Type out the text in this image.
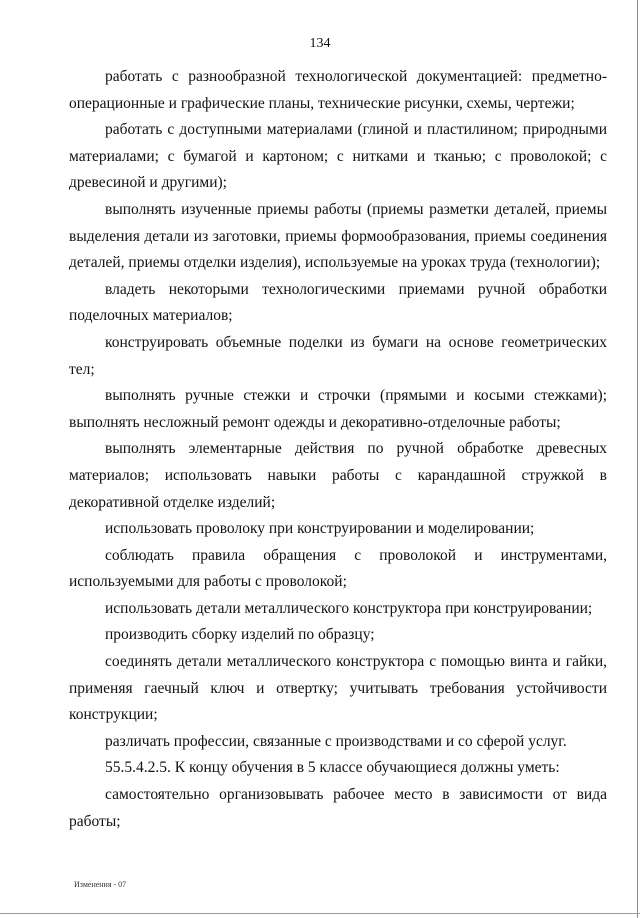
134

работать с разнообразной технологической документацией: предметно-операционные и графические планы, технические рисунки, схемы, чертежи;

работать с доступными материалами (глиной и пластилином; природными материалами; с бумагой и картоном; с нитками и тканью; с проволокой; с древесиной и другими);

выполнять изученные приемы работы (приемы разметки деталей, приемы выделения детали из заготовки, приемы формообразования, приемы соединения деталей, приемы отделки изделия), используемые на уроках труда (технологии);

владеть некоторыми технологическими приемами ручной обработки поделочных материалов;

конструировать объемные поделки из бумаги на основе геометрических тел;

выполнять ручные стежки и строчки (прямыми и косыми стежками); выполнять несложный ремонт одежды и декоративно-отделочные работы;

выполнять элементарные действия по ручной обработке древесных материалов; использовать навыки работы с карандашной стружкой в декоративной отделке изделий;

использовать проволоку при конструировании и моделировании;

соблюдать правила обращения с проволокой и инструментами, используемыми для работы с проволокой;

использовать детали металлического конструктора при конструировании;

производить сборку изделий по образцу;

соединять детали металлического конструктора с помощью винта и гайки, применяя гаечный ключ и отвертку; учитывать требования устойчивости конструкции;

различать профессии, связанные с производствами и со сферой услуг.

55.5.4.2.5. К концу обучения в 5 классе обучающиеся должны уметь:

самостоятельно организовывать рабочее место в зависимости от вида работы;

Изменения - 07
